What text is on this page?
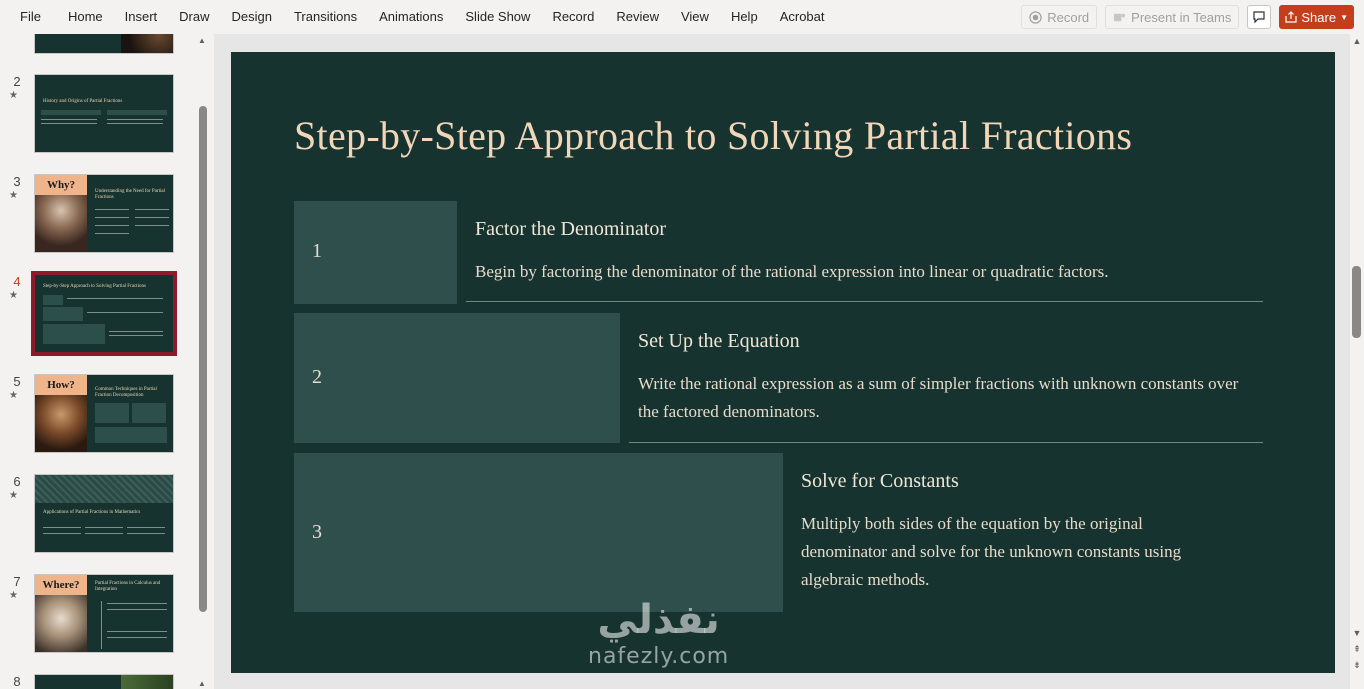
File	Home	Insert	Draw	Design	Transitions	Animations	Slide Show	Record	Review	View	Help	Acrobat	Record	Present in Teams	Share ▼
2
★
History and Origins of Partial Fractions
3
★
Why?
Understanding the Need for Partial Fractions
4
★
Step-by-Step Approach to Solving Partial Fractions
5
★
How?	Common Techniques in Partial Fraction Decomposition
6
★
Applications of Partial Fractions in Mathematics
7
★
Where?	Partial Fractions in Calculus and Integration
8
▲
▲
Step-by-Step Approach to Solving Partial Fractions
1
Factor the Denominator
Begin by factoring the denominator of the rational expression into linear or quadratic factors.
2
Set Up the Equation
Write the rational expression as a sum of simpler fractions with unknown constants over the factored denominators.
3
Solve for Constants
Multiply both sides of the equation by the original denominator and solve for the unknown constants using algebraic methods.
نفذلي
nafezly.com
▲
▼
⇞
⇟
